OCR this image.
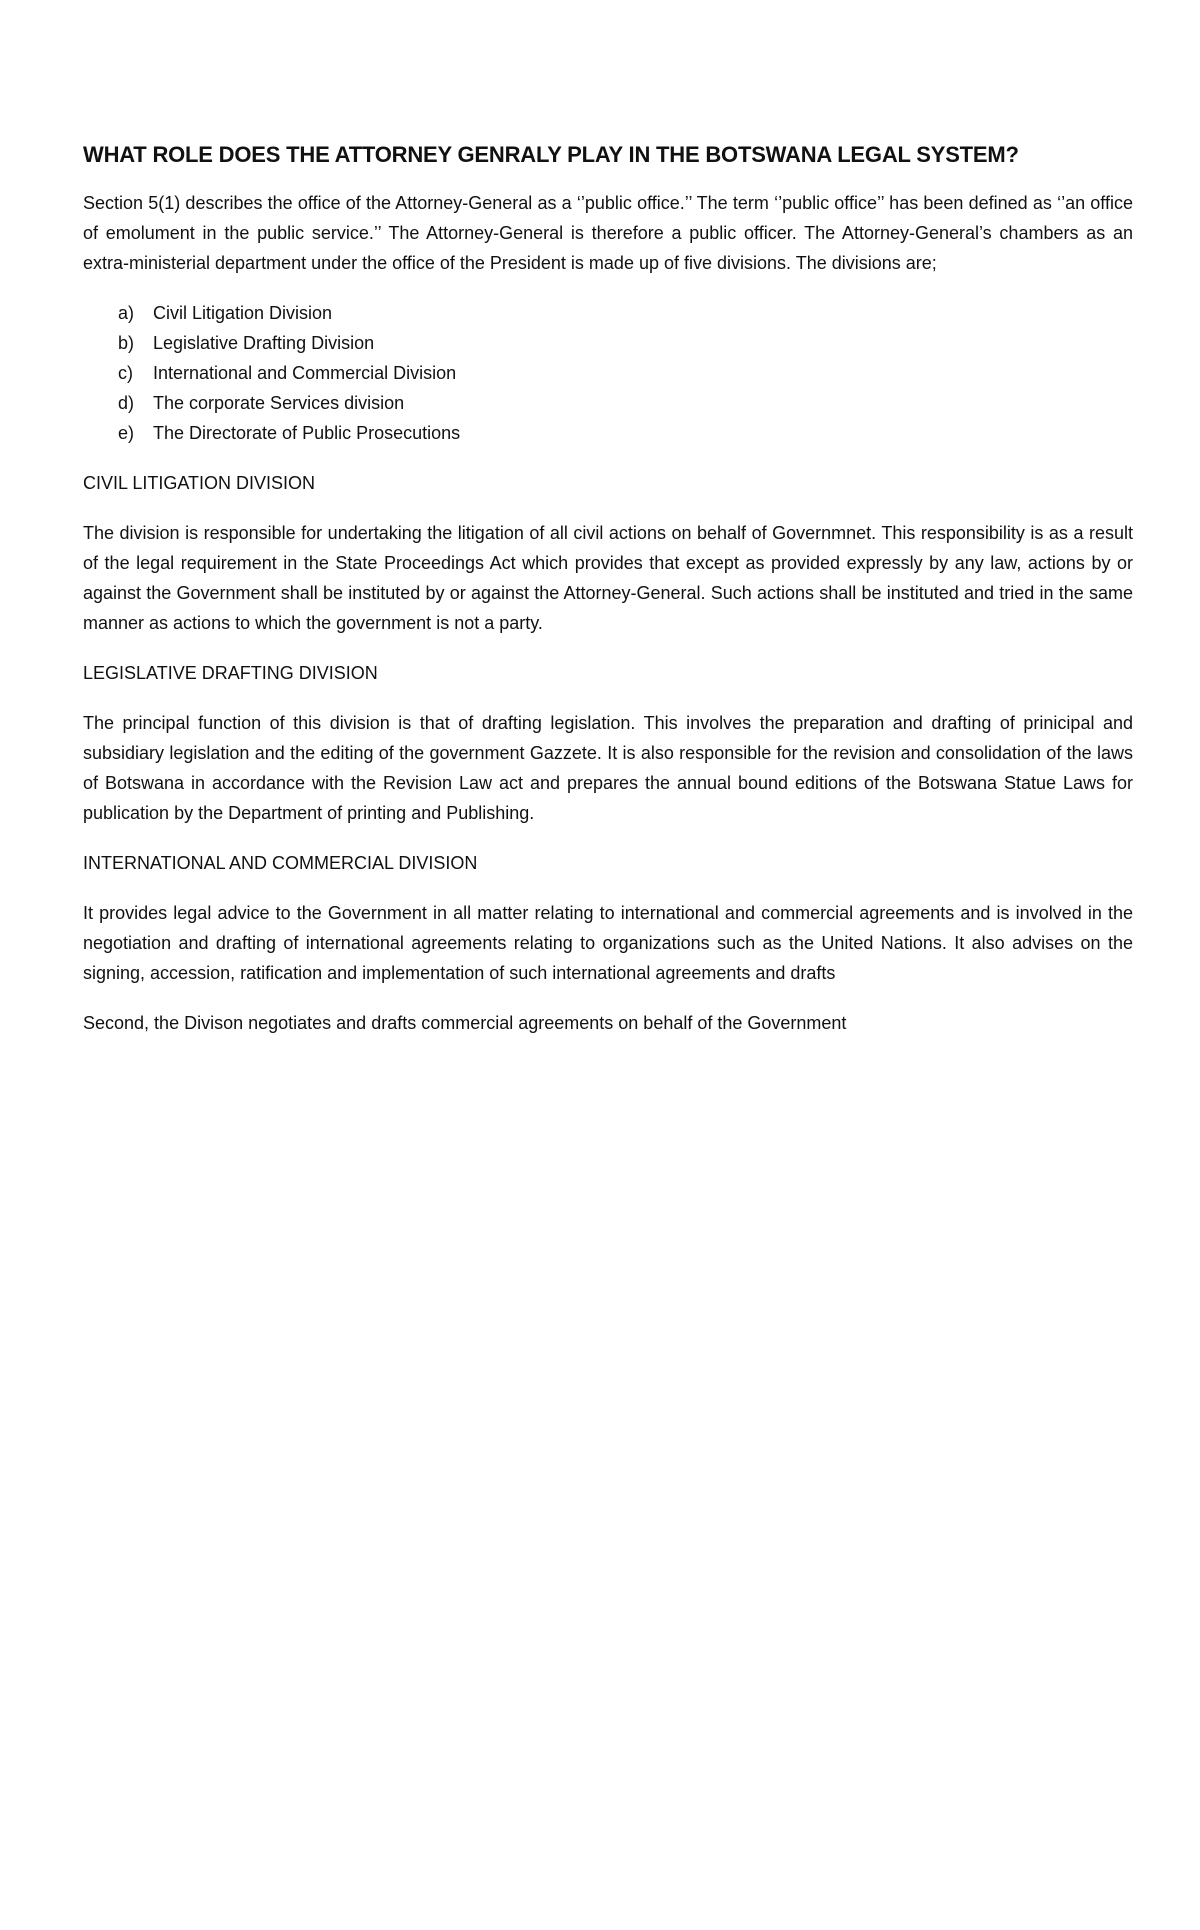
WHAT ROLE DOES THE ATTORNEY GENRALY PLAY IN THE BOTSWANA LEGAL SYSTEM?

Section 5(1) describes the office of the Attorney-General as a ‘’public office.’’ The term ‘’public office’’ has been defined as ‘’an office of emolument in the public service.’’ The Attorney-General is therefore a public officer. The Attorney-General’s chambers as an extra-ministerial department under the office of the President is made up of five divisions. The divisions are;

a)	Civil Litigation Division
b)	Legislative Drafting Division
c)	International and Commercial Division
d)	The corporate Services division
e)	The Directorate of Public Prosecutions

CIVIL LITIGATION DIVISION

The division is responsible for undertaking the litigation of all civil actions on behalf of Governmnet. This responsibility is as a result of the legal requirement in the State Proceedings Act which provides that except as provided expressly by any law, actions by or against the Government shall be instituted by or against the Attorney-General. Such actions shall be instituted and tried in the same manner as actions to which the government is not a party.

LEGISLATIVE DRAFTING DIVISION

The principal function of this division is that of drafting legislation. This involves the preparation and drafting of prinicipal and subsidiary legislation and the editing of the government Gazzete. It is also responsible for the revision and consolidation of the laws of Botswana in accordance with the Revision Law act and prepares the annual bound editions of the Botswana Statue Laws for publication by the Department of printing and Publishing.

INTERNATIONAL AND COMMERCIAL DIVISION

It provides legal advice to the Government in all matter relating to international and commercial agreements and is involved in the negotiation and drafting of international agreements relating to organizations such as the United Nations. It also advises on the signing, accession, ratification and implementation of such international agreements and drafts

Second, the Divison negotiates and drafts commercial agreements on behalf of the Government
